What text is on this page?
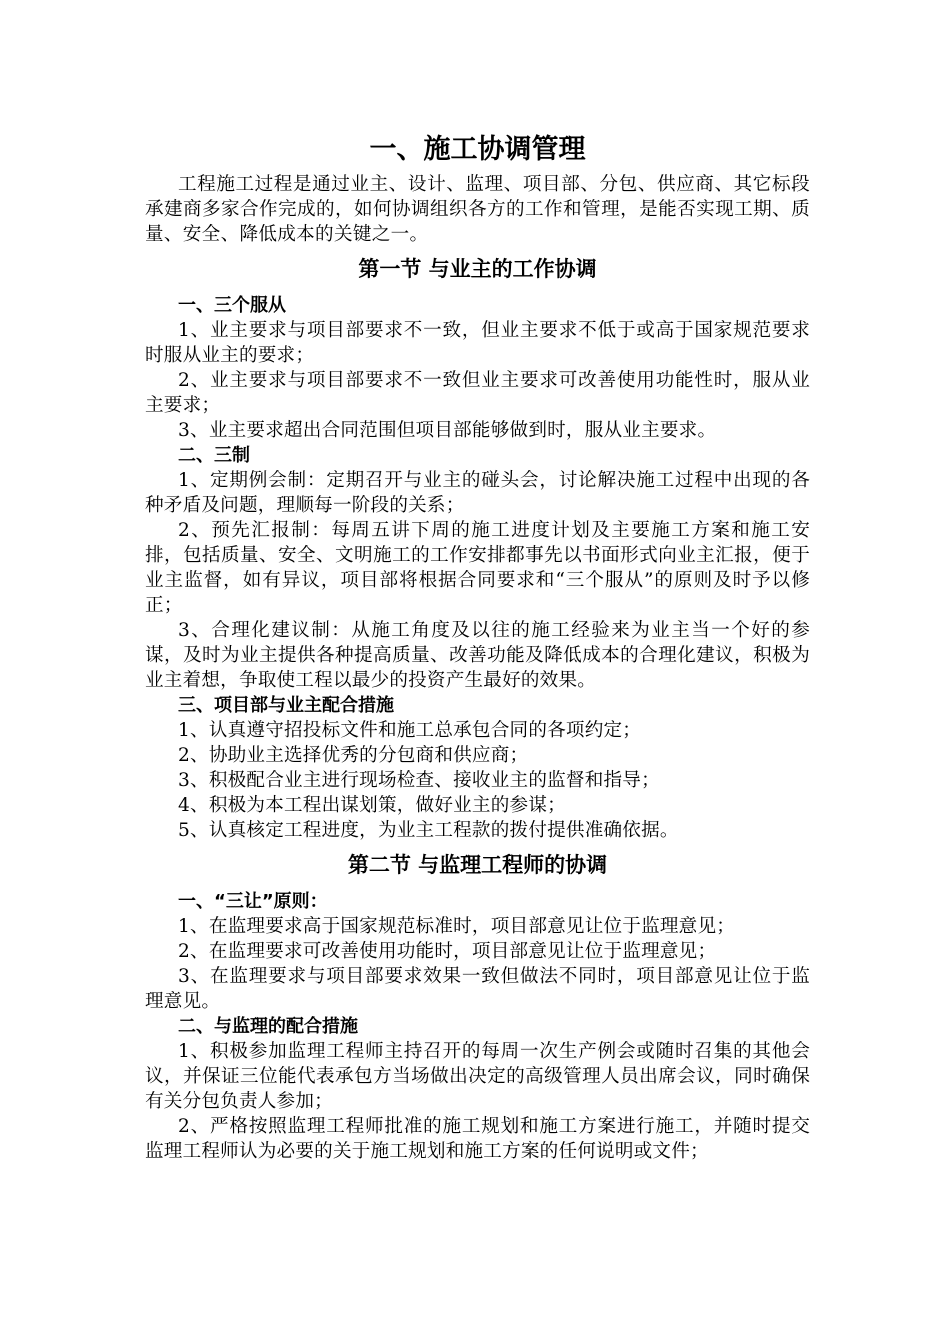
一、施工协调管理

工程施工过程是通过业主、设计、监理、项目部、分包、供应商、其它标段承建商多家合作完成的，如何协调组织各方的工作和管理，是能否实现工期、质量、安全、降低成本的关键之一。

第一节 与业主的工作协调
一、三个服从

1、业主要求与项目部要求不一致，但业主要求不低于或高于国家规范要求时服从业主的要求；

2、业主要求与项目部要求不一致但业主要求可改善使用功能性时，服从业主要求；

3、业主要求超出合同范围但项目部能够做到时，服从业主要求。

二、三制

1、定期例会制：定期召开与业主的碰头会，讨论解决施工过程中出现的各种矛盾及问题，理顺每一阶段的关系；

2、预先汇报制：每周五讲下周的施工进度计划及主要施工方案和施工安排，包括质量、安全、文明施工的工作安排都事先以书面形式向业主汇报，便于业主监督，如有异议，项目部将根据合同要求和“三个服从”的原则及时予以修正；

3、合理化建议制：从施工角度及以往的施工经验来为业主当一个好的参谋，及时为业主提供各种提高质量、改善功能及降低成本的合理化建议，积极为业主着想，争取使工程以最少的投资产生最好的效果。

三、项目部与业主配合措施

1、认真遵守招投标文件和施工总承包合同的各项约定；

2、协助业主选择优秀的分包商和供应商；

3、积极配合业主进行现场检查、接收业主的监督和指导；

4、积极为本工程出谋划策，做好业主的参谋；

5、认真核定工程进度，为业主工程款的拨付提供准确依据。

第二节 与监理工程师的协调
一、“三让”原则：

1、在监理要求高于国家规范标准时，项目部意见让位于监理意见；

2、在监理要求可改善使用功能时，项目部意见让位于监理意见；

3、在监理要求与项目部要求效果一致但做法不同时，项目部意见让位于监理意见。

二、与监理的配合措施

1、积极参加监理工程师主持召开的每周一次生产例会或随时召集的其他会议，并保证三位能代表承包方当场做出决定的高级管理人员出席会议，同时确保有关分包负责人参加；

2、严格按照监理工程师批准的施工规划和施工方案进行施工，并随时提交监理工程师认为必要的关于施工规划和施工方案的任何说明或文件；
